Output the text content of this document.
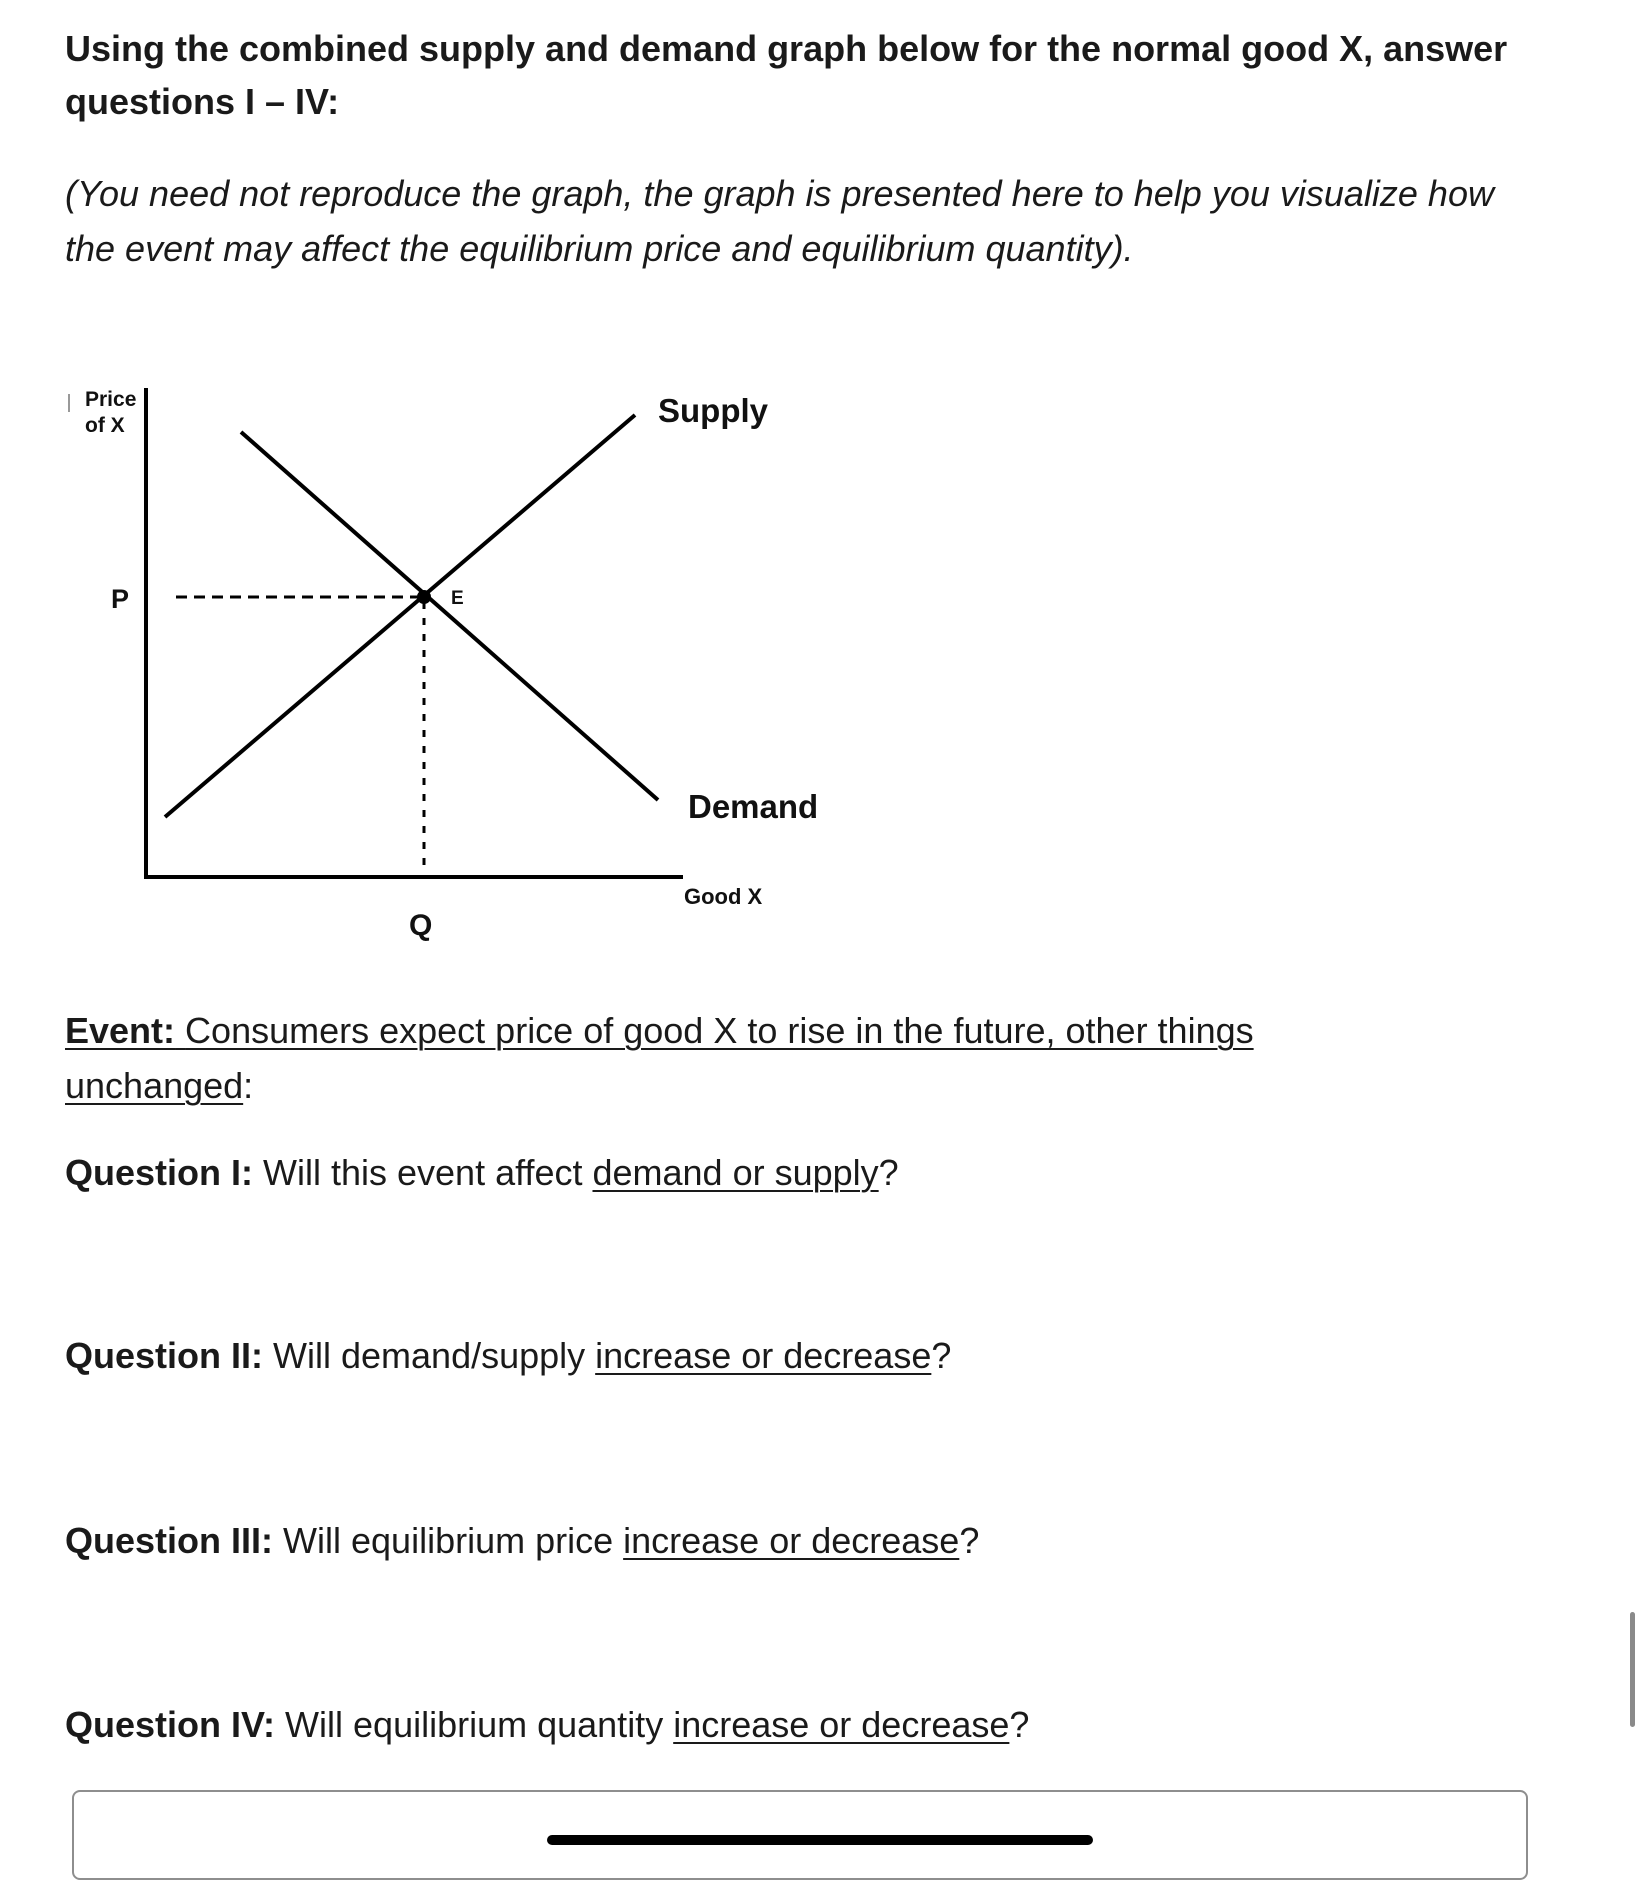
Using the combined supply and demand graph below for the normal good X, answer questions I – IV:

(You need not reproduce the graph, the graph is presented here to help you visualize how the event may affect the equilibrium price and equilibrium quantity).

Price
of X
P	E
Supply
Demand
Good X
Q

Event: Consumers expect price of good X to rise in the future, other things unchanged:

Question I: Will this event affect demand or supply?

Question II: Will demand/supply increase or decrease?

Question III: Will equilibrium price increase or decrease?

Question IV: Will equilibrium quantity increase or decrease?
